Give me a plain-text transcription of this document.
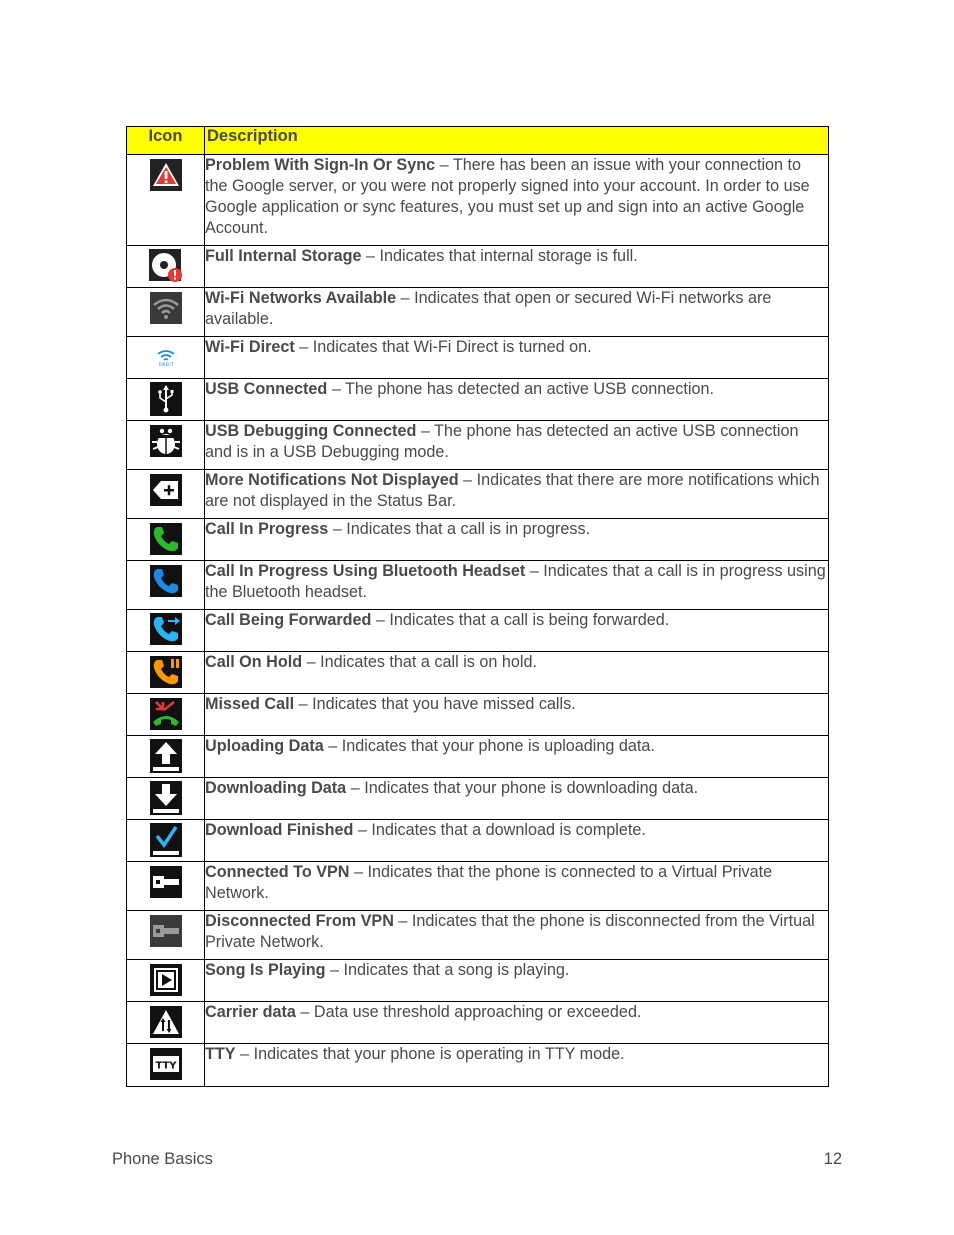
Icon	Description

	Problem With Sign-In Or Sync – There has been an issue with your connection to the Google server, or you were not properly signed into your account. In order to use Google application or sync features, you must set up and sign into an active Google Account.

	Full Internal Storage – Indicates that internal storage is full.

	Wi-Fi Networks Available – Indicates that open or secured Wi-Fi networks are available.

DIRECT	Wi-Fi Direct – Indicates that Wi-Fi Direct is turned on.

	USB Connected – The phone has detected an active USB connection.

	USB Debugging Connected – The phone has detected an active USB connection and is in a USB Debugging mode.

	More Notifications Not Displayed – Indicates that there are more notifications which are not displayed in the Status Bar.

	Call In Progress – Indicates that a call is in progress.

	Call In Progress Using Bluetooth Headset – Indicates that a call is in progress using the Bluetooth headset.

	Call Being Forwarded – Indicates that a call is being forwarded.

	Call On Hold – Indicates that a call is on hold.

	Missed Call – Indicates that you have missed calls.

	Uploading Data – Indicates that your phone is uploading data.

	Downloading Data – Indicates that your phone is downloading data.

	Download Finished – Indicates that a download is complete.

	Connected To VPN – Indicates that the phone is connected to a Virtual Private Network.

	Disconnected From VPN – Indicates that the phone is disconnected from the Virtual Private Network.

	Song Is Playing – Indicates that a song is playing.

	Carrier data – Data use threshold approaching or exceeded.

TTY	TTY – Indicates that your phone is operating in TTY mode.
Phone Basics	12
